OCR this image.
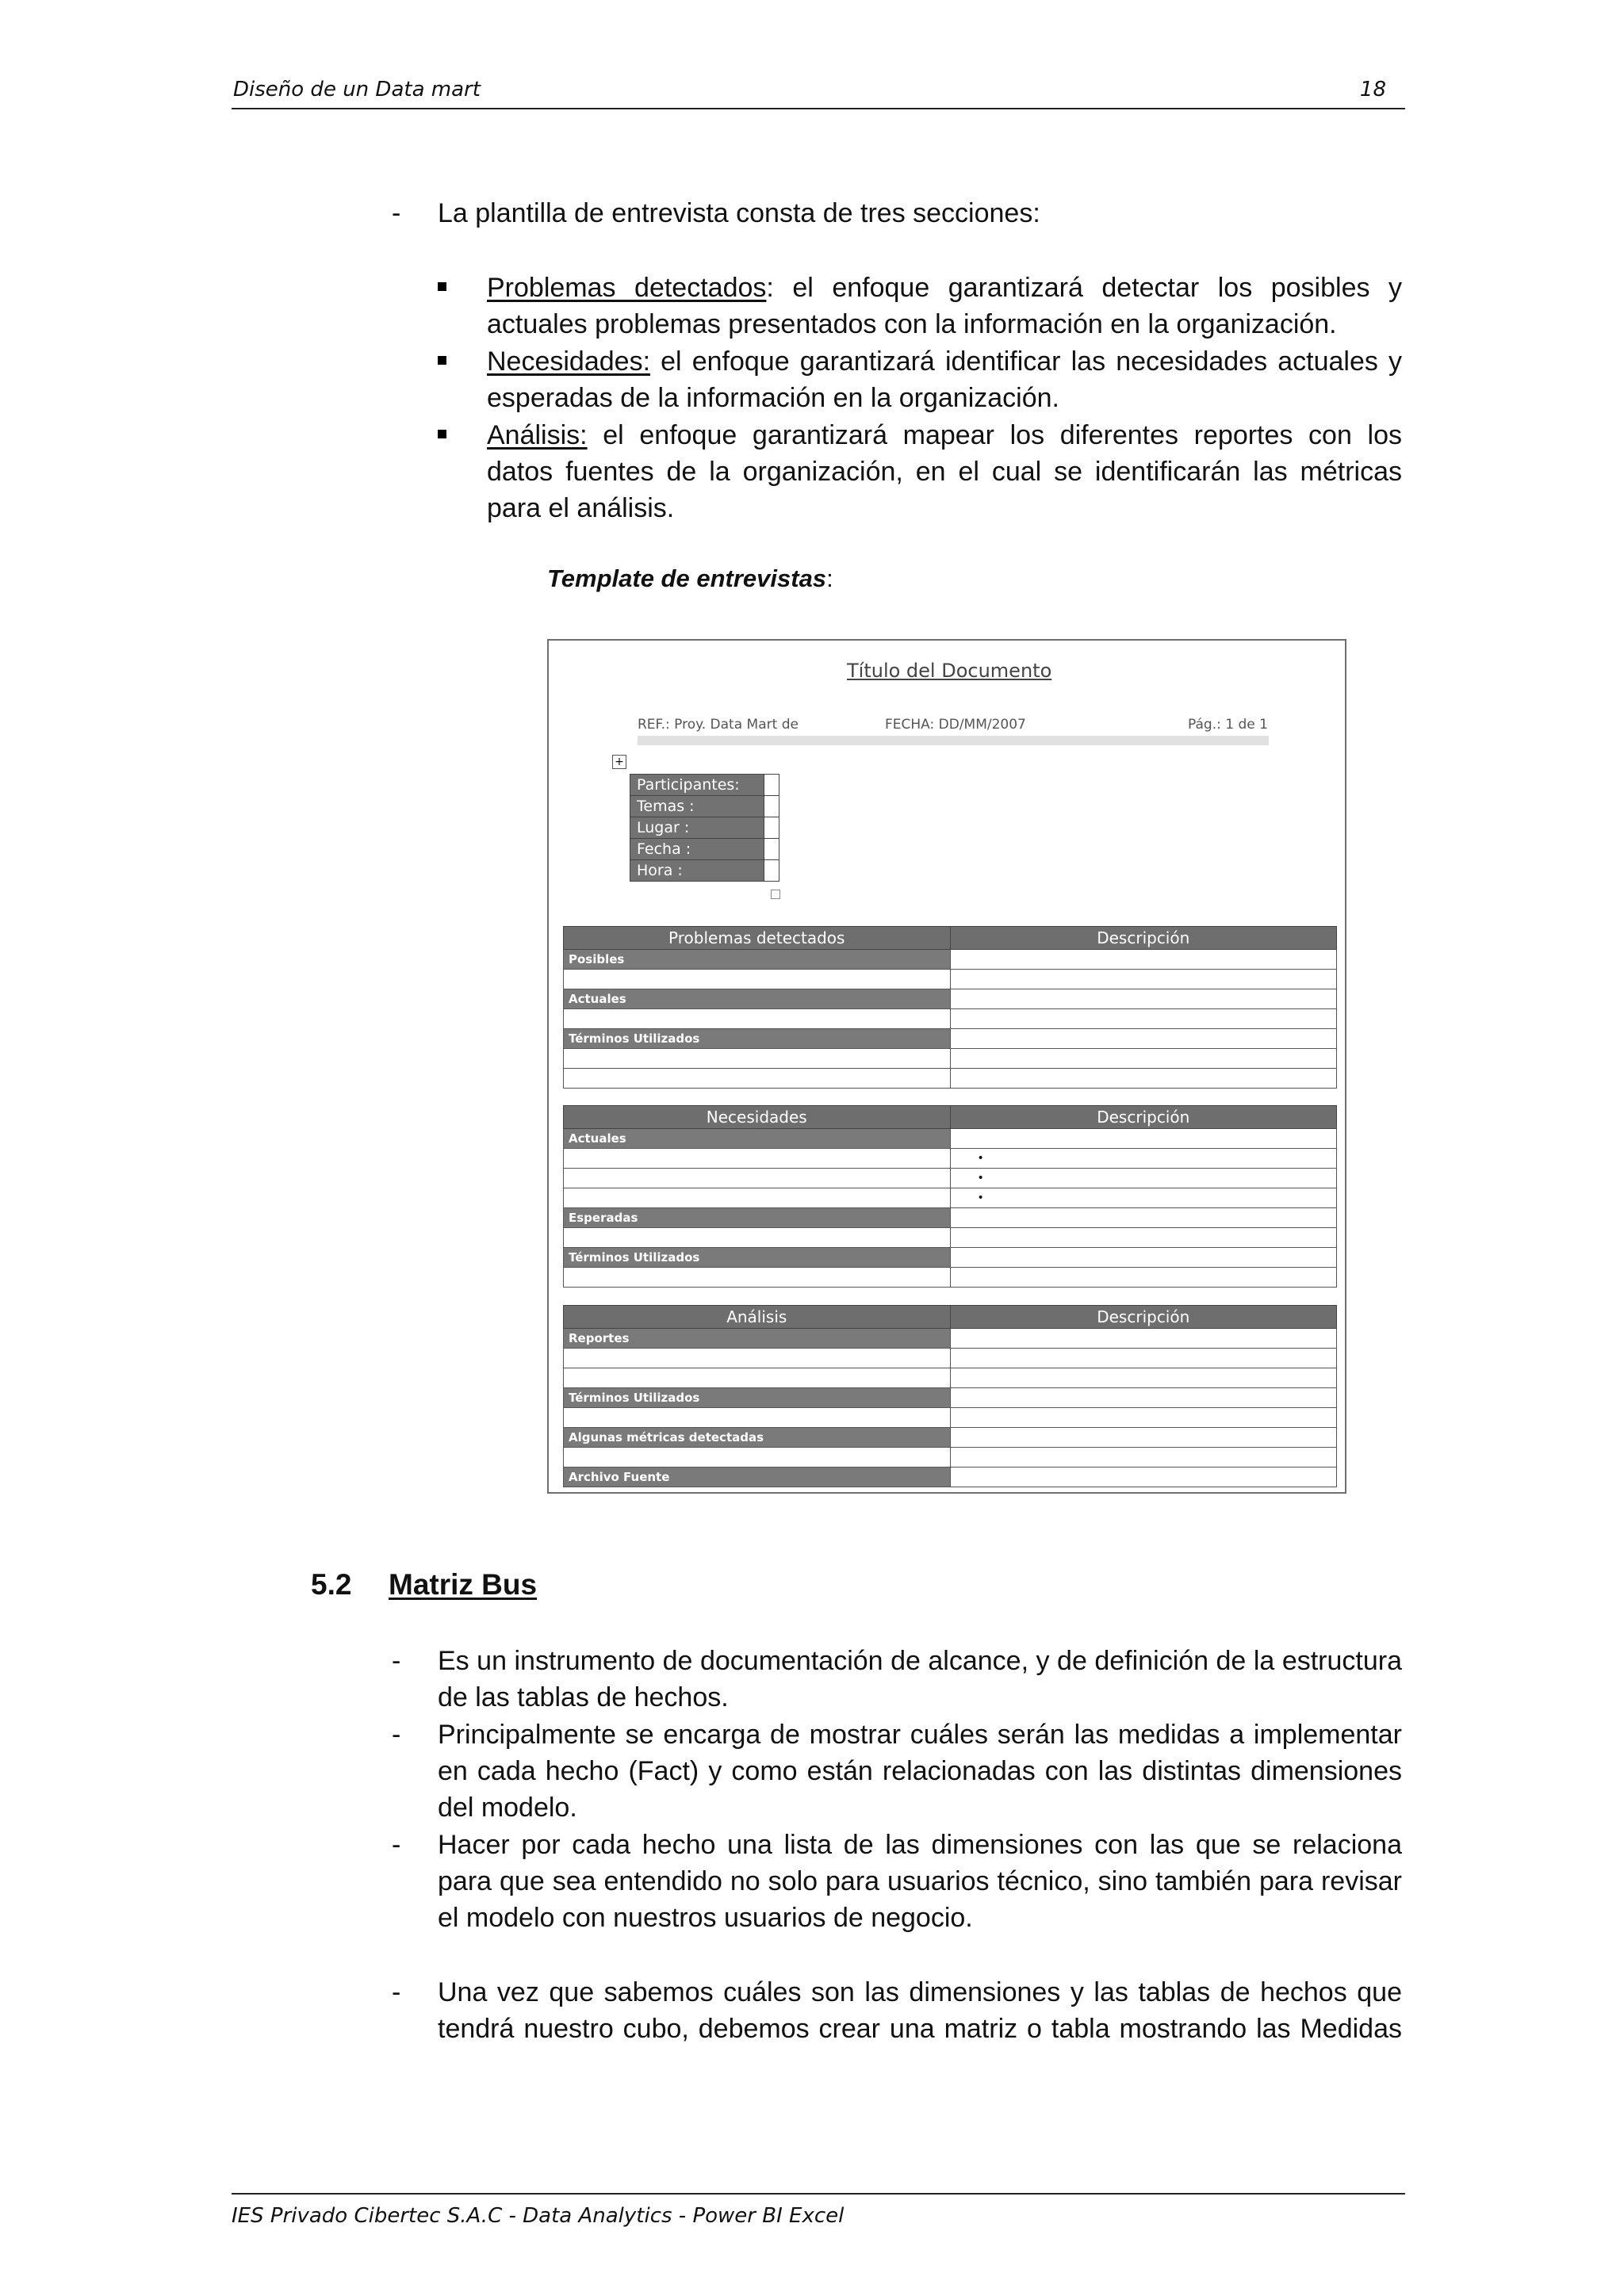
Diseño de un Data mart	18
- La plantilla de entrevista consta de tres secciones:
Problemas detectados: el enfoque garantizará detectar los posibles y actuales problemas presentados con la información en la organización.
Necesidades: el enfoque garantizará identificar las necesidades actuales y esperadas de la información en la organización.
Análisis: el enfoque garantizará mapear los diferentes reportes con los datos fuentes de la organización, en el cual se identificarán las métricas para el análisis.
Template de entrevistas:
Título del Documento
REF.: Proy. Data Mart de	FECHA: DD/MM/2007	Pág.: 1 de 1
+
Participantes:	
Temas :	
Lugar :	
Fecha :	
Hora :	
Problemas detectados	Descripción
Posibles	

Actuales	

Términos Utilizados	

Necesidades	Descripción
Actuales	
	•
	•
	•
Esperadas	

Términos Utilizados	

Análisis	Descripción
Reportes	

Términos Utilizados	

Algunas métricas detectadas	

Archivo Fuente	
5.2 Matriz Bus
- Es un instrumento de documentación de alcance, y de definición de la estructura de las tablas de hechos.
- Principalmente se encarga de mostrar cuáles serán las medidas a implementar en cada hecho (Fact) y como están relacionadas con las distintas dimensiones del modelo.
- Hacer por cada hecho una lista de las dimensiones con las que se relaciona para que sea entendido no solo para usuarios técnico, sino también para revisar el modelo con nuestros usuarios de negocio.
- Una vez que sabemos cuáles son las dimensiones y las tablas de hechos que tendrá nuestro cubo, debemos crear una matriz o tabla mostrando las Medidas
IES Privado Cibertec S.A.C - Data Analytics - Power BI Excel
